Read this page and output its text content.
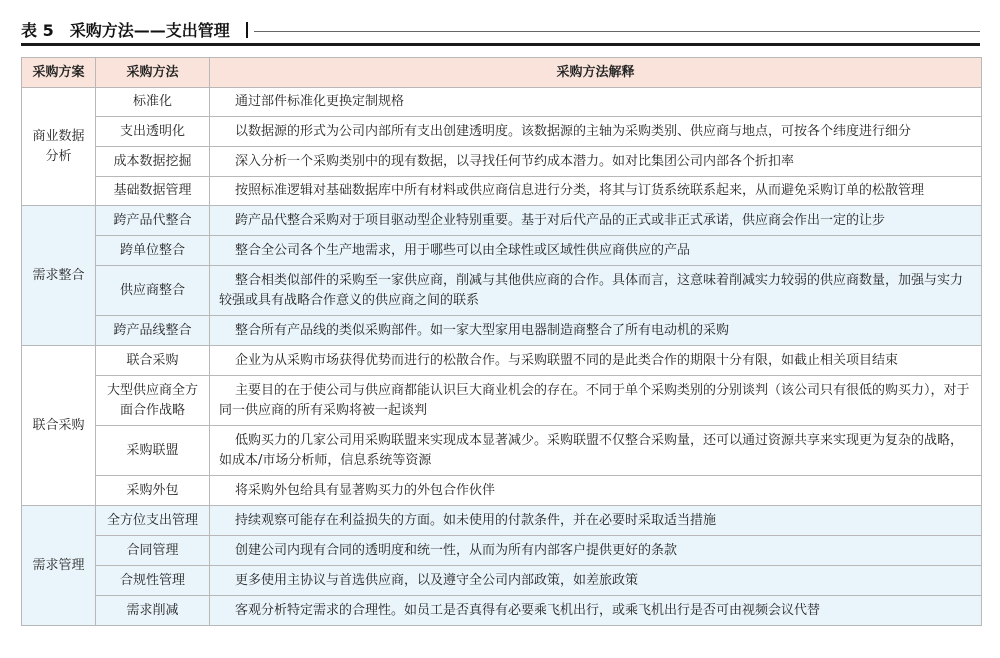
表 5　采购方法——支出管理
采购方案	采购方法	采购方法解释

商业数据分析	标准化	通过部件标准化更换定制规格
	支出透明化	以数据源的形式为公司内部所有支出创建透明度。该数据源的主轴为采购类别、供应商与地点，可按各个纬度进行细分
	成本数据挖掘	深入分析一个采购类别中的现有数据，以寻找任何节约成本潜力。如对比集团公司内部各个折扣率
	基础数据管理	按照标准逻辑对基础数据库中所有材料或供应商信息进行分类，将其与订货系统联系起来，从而避免采购订单的松散管理
需求整合	跨产品代整合	跨产品代整合采购对于项目驱动型企业特别重要。基于对后代产品的正式或非正式承诺，供应商会作出一定的让步
	跨单位整合	整合全公司各个生产地需求，用于哪些可以由全球性或区域性供应商供应的产品
	供应商整合	整合相类似部件的采购至一家供应商，削减与其他供应商的合作。具体而言，这意味着削减实力较弱的供应商数量，加强与实力较强或具有战略合作意义的供应商之间的联系
	跨产品线整合	整合所有产品线的类似采购部件。如一家大型家用电器制造商整合了所有电动机的采购
联合采购	联合采购	企业为从采购市场获得优势而进行的松散合作。与采购联盟不同的是此类合作的期限十分有限，如截止相关项目结束

	大型供应商全方面合作战略	主要目的在于使公司与供应商都能认识巨大商业机会的存在。不同于单个采购类别的分别谈判（该公司只有很低的购买力），对于同一供应商的所有采购将被一起谈判
	采购联盟	低购买力的几家公司用采购联盟来实现成本显著减少。采购联盟不仅整合采购量，还可以通过资源共享来实现更为复杂的战略，如成本/市场分析师，信息系统等资源
	采购外包	将采购外包给具有显著购买力的外包合作伙伴
需求管理	全方位支出管理	持续观察可能存在利益损失的方面。如未使用的付款条件，并在必要时采取适当措施
	合同管理	创建公司内现有合同的透明度和统一性，从而为所有内部客户提供更好的条款
	合规性管理	更多使用主协议与首选供应商，以及遵守全公司内部政策，如差旅政策
	需求削减	客观分析特定需求的合理性。如员工是否真得有必要乘飞机出行，或乘飞机出行是否可由视频会议代替
